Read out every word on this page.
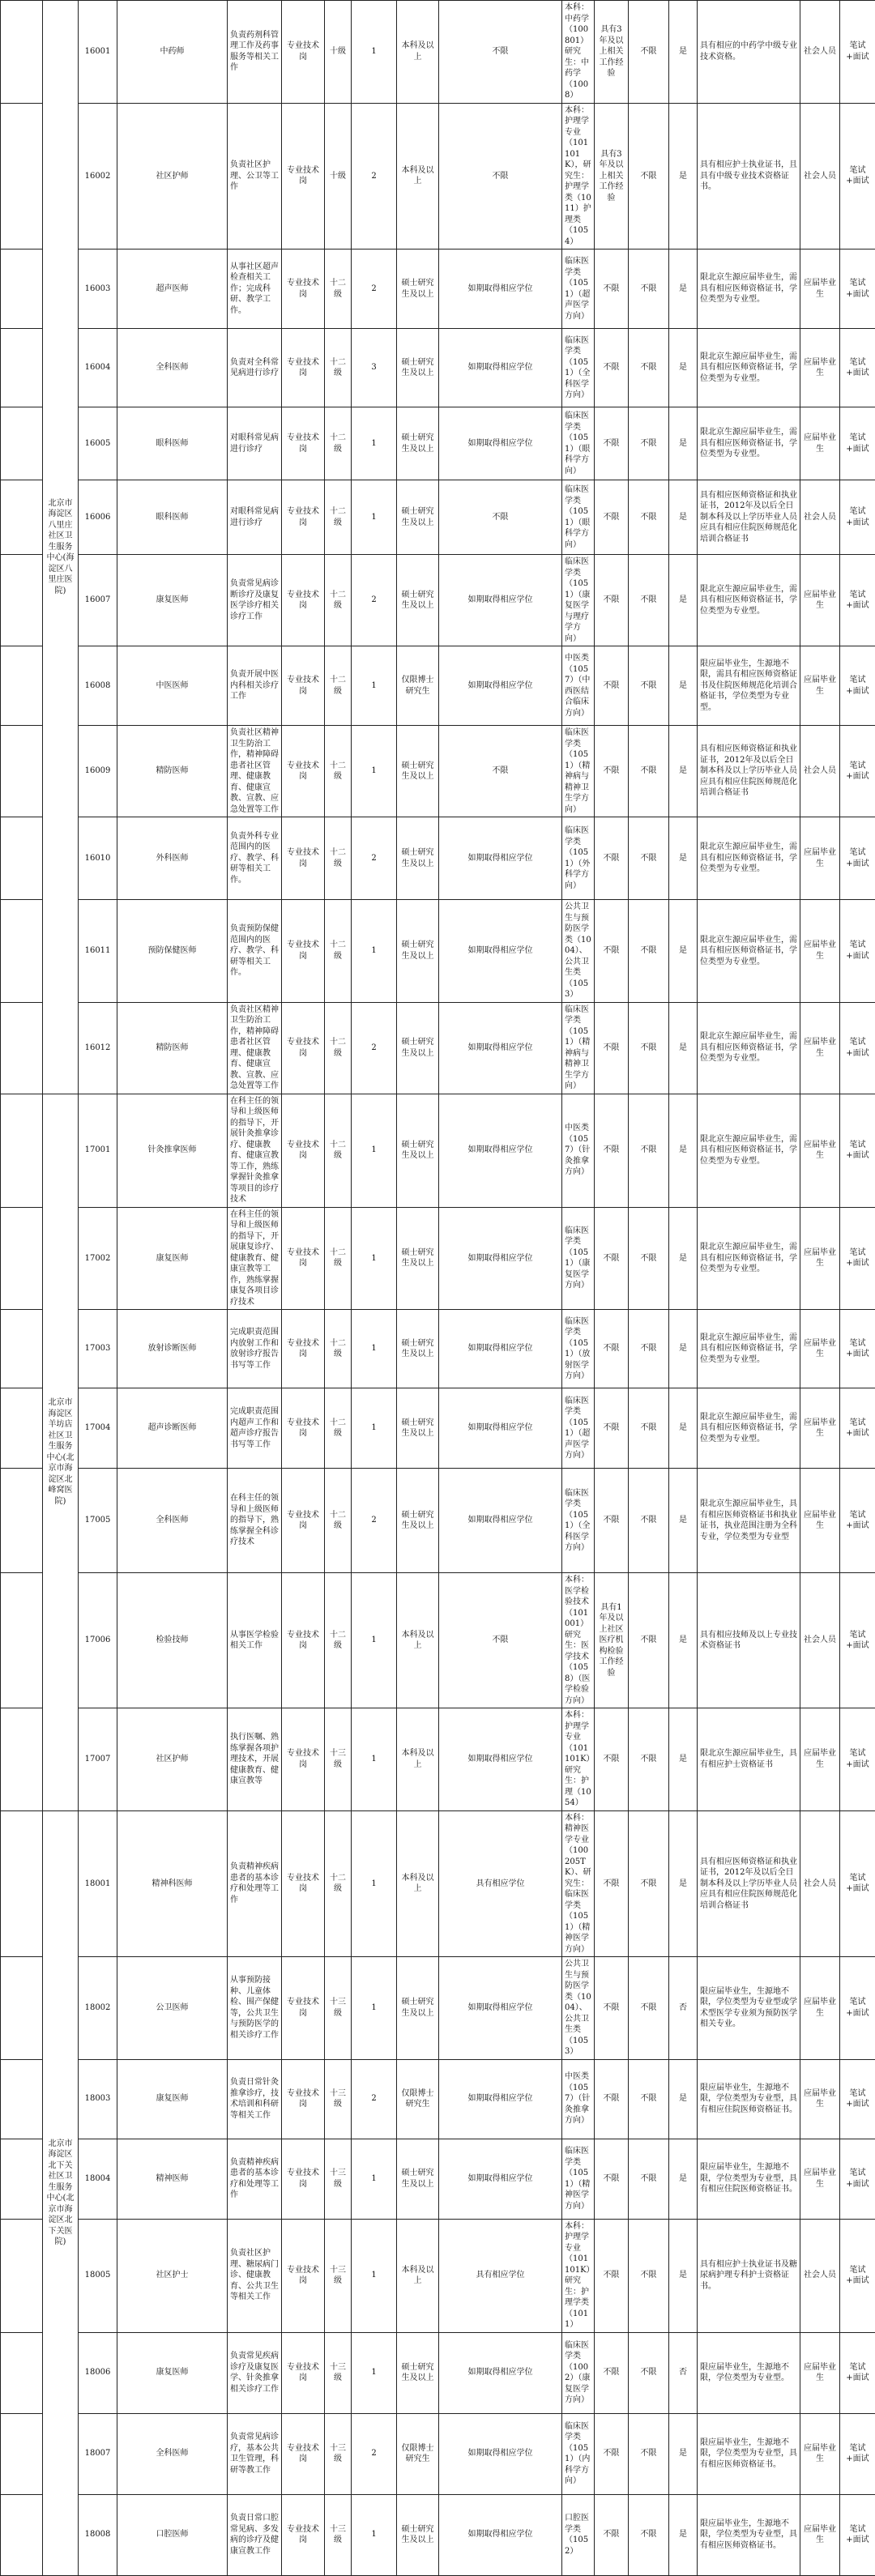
	北京市海淀区八里庄社区卫生服务中心(海淀区八里庄医院)	16001	中药师	负责药剂科管理工作及药事服务等相关工作	专业技术岗	十级	1	本科及以上	不限	本科：中药学（100801）研究生：中药学（1008）	具有3年及以上相关工作经验	不限	是	具有相应的中药学中级专业技术资格。	社会人员	笔试+面试
		16002	社区护师	负责社区护理、公卫等工作	专业技术岗	十级	2	本科及以上	不限	本科：护理学专业（101101K），研究生：护理学类（1011）护理类（1054）	具有3年及以上相关工作经验	不限	是	具有相应护士执业证书，且具有中级专业技术资格证书。	社会人员	笔试+面试
		16003	超声医师	从事社区超声检查相关工作；完成科研、教学工作。	专业技术岗	十二级	2	硕士研究生及以上	如期取得相应学位	临床医学类（1051）（超声医学方向）	不限	不限	是	限北京生源应届毕业生，需具有相应医师资格证书，学位类型为专业型。	应届毕业生	笔试+面试
		16004	全科医师	负责对全科常见病进行诊疗	专业技术岗	十二级	3	硕士研究生及以上	如期取得相应学位	临床医学类（1051）（全科医学方向）	不限	不限	是	限北京生源应届毕业生，需具有相应医师资格证书，学位类型为专业型。	应届毕业生	笔试+面试
		16005	眼科医师	对眼科常见病进行诊疗	专业技术岗	十二级	1	硕士研究生及以上	如期取得相应学位	临床医学类（1051）（眼科学方向）	不限	不限	是	限北京生源应届毕业生，需具有相应医师资格证书，学位类型为专业型。	应届毕业生	笔试+面试
		16006	眼科医师	对眼科常见病进行诊疗	专业技术岗	十二级	1	硕士研究生及以上	不限	临床医学类（1051）（眼科学方向）	不限	不限	是	具有相应医师资格证和执业证书，2012年及以后全日制本科及以上学历毕业人员应具有相应住院医师规范化培训合格证书	社会人员	笔试+面试
		16007	康复医师	负责常见病诊断诊疗及康复医学诊疗相关诊疗工作	专业技术岗	十二级	2	硕士研究生及以上	如期取得相应学位	临床医学类（1051）（康复医学与理疗学方向）	不限	不限	是	限北京生源应届毕业生，需具有相应医师资格证书，学位类型为专业型。	应届毕业生	笔试+面试
		16008	中医医师	负责开展中医内科相关诊疗工作	专业技术岗	十二级	1	仅限博士研究生	如期取得相应学位	中医类（1057）（中西医结合临床方向）	不限	不限	是	限应届毕业生，生源地不限，需具有相应医师资格证书及住院医师规范化培训合格证书，学位类型为专业型。	应届毕业生	笔试+面试
		16009	精防医师	负责社区精神卫生防治工作，精神障碍患者社区管理、健康教育、健康宣教、宣教、应急处置等工作	专业技术岗	十二级	1	硕士研究生及以上	不限	临床医学类（1051）（精神病与精神卫生学方向）	不限	不限	是	具有相应医师资格证和执业证书，2012年及以后全日制本科及以上学历毕业人员应具有相应住院医师规范化培训合格证书	社会人员	笔试+面试
		16010	外科医师	负责外科专业范围内的医疗、教学、科研等相关工作。	专业技术岗	十二级	2	硕士研究生及以上	如期取得相应学位	临床医学类（1051）（外科学方向）	不限	不限	是	限北京生源应届毕业生，需具有相应医师资格证书，学位类型为专业型。	应届毕业生	笔试+面试
		16011	预防保健医师	负责预防保健范围内的医疗、教学、科研等相关工作。	专业技术岗	十二级	1	硕士研究生及以上	如期取得相应学位	公共卫生与预防医学类（1004）、公共卫生类（1053）	不限	不限	是	限北京生源应届毕业生，需具有相应医师资格证书，学位类型为专业型。	应届毕业生	笔试+面试
		16012	精防医师	负责社区精神卫生防治工作，精神障碍患者社区管理、健康教育、健康宣教、宣教、应急处置等工作	专业技术岗	十二级	2	硕士研究生及以上	如期取得相应学位	临床医学类（1051）（精神病与精神卫生学方向）	不限	不限	是	限北京生源应届毕业生，需具有相应医师资格证书，学位类型为专业型。	应届毕业生	笔试+面试
	北京市海淀区羊坊店社区卫生服务中心(北京市海淀区北峰窝医院)	17001	针灸推拿医师	在科主任的领导和上级医师的指导下，开展针灸推拿诊疗、健康教育、健康宣教等工作，熟练掌握针灸推拿等项目的诊疗技术	专业技术岗	十二级	1	硕士研究生及以上	如期取得相应学位	中医类（1057）（针灸推拿方向）	不限	不限	是	限北京生源应届毕业生，需具有相应医师资格证书，学位类型为专业型。	应届毕业生	笔试+面试
		17002	康复医师	在科主任的领导和上级医师的指导下，开展康复诊疗、健康教育、健康宣教等工作，熟练掌握康复各项目诊疗技术	专业技术岗	十二级	1	硕士研究生及以上	如期取得相应学位	临床医学类（1051）（康复医学方向）	不限	不限	是	限北京生源应届毕业生，需具有相应医师资格证书，学位类型为专业型。	应届毕业生	笔试+面试
		17003	放射诊断医师	完成职责范围内放射工作和放射诊疗报告书写等工作	专业技术岗	十二级	1	硕士研究生及以上	如期取得相应学位	临床医学类（1051）（放射医学方向）	不限	不限	是	限北京生源应届毕业生，需具有相应医师资格证书，学位类型为专业型。	应届毕业生	笔试+面试
		17004	超声诊断医师	完成职责范围内超声工作和超声诊疗报告书写等工作	专业技术岗	十二级	1	硕士研究生及以上	如期取得相应学位	临床医学类（1051）（超声医学方向）	不限	不限	是	限北京生源应届毕业生，需具有相应医师资格证书，学位类型为专业型。	应届毕业生	笔试+面试
		17005	全科医师	在科主任的领导和上级医师的指导下，熟练掌握全科诊疗技术	专业技术岗	十二级	2	硕士研究生及以上	如期取得相应学位	临床医学类（1051）（全科医学方向）	不限	不限	是	限北京生源应届毕业生，具有相应医师资格证书和执业证书，执业范围注册为全科专业，学位类型为专业型	应届毕业生	笔试+面试
		17006	检验技师	从事医学检验相关工作	专业技术岗	十二级	1	本科及以上	不限	本科：医学检验技术（101001）研究生：医学技术（1058）（医学检验方向）	具有1年及以上社区医疗机构检验工作经验	不限	是	具有相应技师及以上专业技术资格证书	社会人员	笔试+面试
		17007	社区护师	执行医嘱、熟练掌握各项护理技术，开展健康教育、健康宣教等	专业技术岗	十三级	1	本科及以上	如期取得相应学位	本科：护理学专业（101101K）研究生：护理（1054）	不限	不限	是	限北京生源应届毕业生，具有相应护士资格证书	应届毕业生	笔试+面试
	北京市海淀区北下关社区卫生服务中心(北京市海淀区北下关医院)	18001	精神科医师	负责精神疾病患者的基本诊疗和处理等工作	专业技术岗	十二级	1	本科及以上	具有相应学位	本科：精神医学专业（100205TK）、研究生：临床医学类（1051）（精神医学方向）	不限	不限	是	具有相应医师资格证和执业证书，2012年及以后全日制本科及以上学历毕业人员应具有相应住院医师规范化培训合格证书	社会人员	笔试+面试
		18002	公卫医师	从事预防接种、儿童体检、围产保健等，公共卫生与预防医学的相关诊疗工作	专业技术岗	十三级	1	硕士研究生及以上	如期取得相应学位	公共卫生与预防医学类（1004）、公共卫生类（1053）	不限	不限	否	限应届毕业生，生源地不限，学位类型为专业型或学术型医学专业须为预防医学相关专业。	应届毕业生	笔试+面试
		18003	康复医师	负责日常针灸推拿诊疗，技术培训和科研等相关工作	专业技术岗	十三级	2	仅限博士研究生	如期取得相应学位	中医类（1057）（针灸推拿方向）	不限	不限	是	限应届毕业生，生源地不限，学位类型为专业型，具有相应住院医师资格证书。	应届毕业生	笔试+面试
		18004	精神医师	负责精神疾病患者的基本诊疗和处理等工作	专业技术岗	十三级	1	硕士研究生及以上	如期取得相应学位	临床医学类（1051）（精神医学方向）	不限	不限	是	限应届毕业生，生源地不限，学位类型为专业型，具有相应住院医师资格证书。	应届毕业生	笔试+面试
		18005	社区护士	负责社区护理、糖尿病门诊、健康教育、公共卫生等相关工作	专业技术岗	十三级	1	本科及以上	具有相应学位	本科：护理学专业（101101K）研究生：护理学类（1011）	不限	不限	是	具有相应护士执业证书及糖尿病护理专科护士资格证书。	社会人员	笔试+面试
		18006	康复医师	负责常见疾病诊疗及康复医学、针灸推拿相关诊疗工作	专业技术岗	十三级	1	硕士研究生及以上	如期取得相应学位	临床医学类（1002）（康复医学方向）	不限	不限	否	限应届毕业生，生源地不限，学位类型为专业型。	应届毕业生	笔试+面试
		18007	全科医师	负责常见病诊疗，基本公共卫生管理，科研等教工作	专业技术岗	十三级	2	仅限博士研究生	如期取得相应学位	临床医学类（1051）（内科学方向）	不限	不限	是	限应届毕业生，生源地不限，学位类型为专业型，具有相应医师资格证书。	应届毕业生	笔试+面试
		18008	口腔医师	负责日常口腔常见病、多发病的诊疗及健康宣教工作	专业技术岗	十三级	1	硕士研究生及以上	如期取得相应学位	口腔医学类（1052）	不限	不限	是	限应届毕业生，生源地不限，学位类型为专业型，具有相应医师资格证书。	应届毕业生	笔试+面试
